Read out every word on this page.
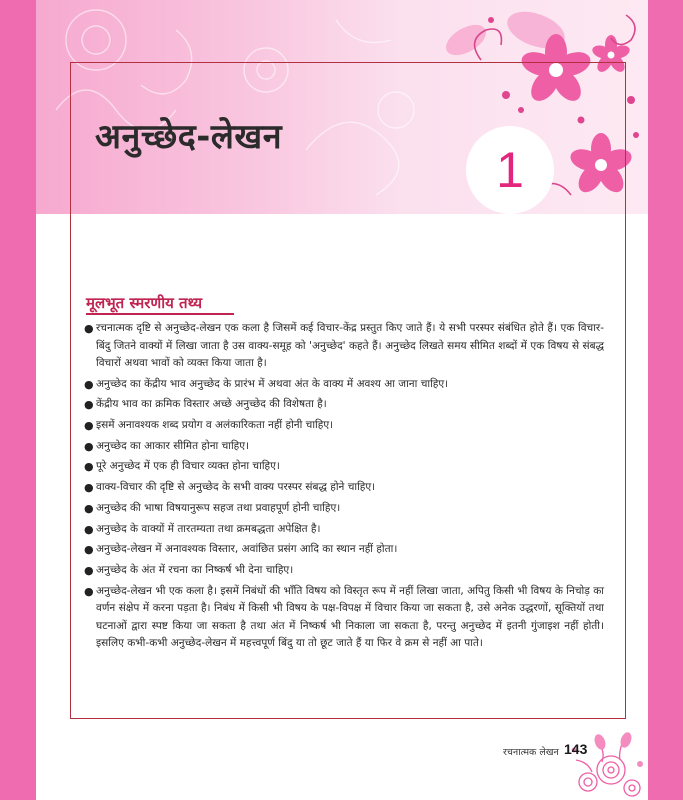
अनुच्छेद-लेखन
1
मूलभूत स्मरणीय तथ्य
● रचनात्मक दृष्टि से अनुच्छेद-लेखन एक कला है जिसमें कई विचार-केंद्र प्रस्तुत किए जाते हैं। ये सभी परस्पर संबंधित होते हैं। एक विचार-बिंदु जितने वाक्यों में लिखा जाता है उस वाक्य-समूह को 'अनुच्छेद' कहते हैं। अनुच्छेद लिखते समय सीमित शब्दों में एक विषय से संबद्ध विचारों अथवा भावों को व्यक्त किया जाता है।
● अनुच्छेद का केंद्रीय भाव अनुच्छेद के प्रारंभ में अथवा अंत के वाक्य में अवश्य आ जाना चाहिए।
● केंद्रीय भाव का क्रमिक विस्तार अच्छे अनुच्छेद की विशेषता है।
● इसमें अनावश्यक शब्द प्रयोग व अलंकारिकता नहीं होनी चाहिए।
● अनुच्छेद का आकार सीमित होना चाहिए।
● पूरे अनुच्छेद में एक ही विचार व्यक्त होना चाहिए।
● वाक्य-विचार की दृष्टि से अनुच्छेद के सभी वाक्य परस्पर संबद्ध होने चाहिए।
● अनुच्छेद की भाषा विषयानुरूप सहज तथा प्रवाहपूर्ण होनी चाहिए।
● अनुच्छेद के वाक्यों में तारतम्यता तथा क्रमबद्धता अपेक्षित है।
● अनुच्छेद-लेखन में अनावश्यक विस्तार, अवांछित प्रसंग आदि का स्थान नहीं होता।
● अनुच्छेद के अंत में रचना का निष्कर्ष भी देना चाहिए।
● अनुच्छेद-लेखन भी एक कला है। इसमें निबंधों की भाँति विषय को विस्तृत रूप में नहीं लिखा जाता, अपितु किसी भी विषय के निचोड़ का वर्णन संक्षेप में करना पड़ता है। निबंध में किसी भी विषय के पक्ष-विपक्ष में विचार किया जा सकता है, उसे अनेक उद्धरणों, सूक्तियों तथा घटनाओं द्वारा स्पष्ट किया जा सकता है तथा अंत में निष्कर्ष भी निकाला जा सकता है, परन्तु अनुच्छेद में इतनी गुंजाइश नहीं होती। इसलिए कभी-कभी अनुच्छेद-लेखन में महत्त्वपूर्ण बिंदु या तो छूट जाते हैं या फिर वे क्रम से नहीं आ पाते।
रचनात्मक लेखन 143
